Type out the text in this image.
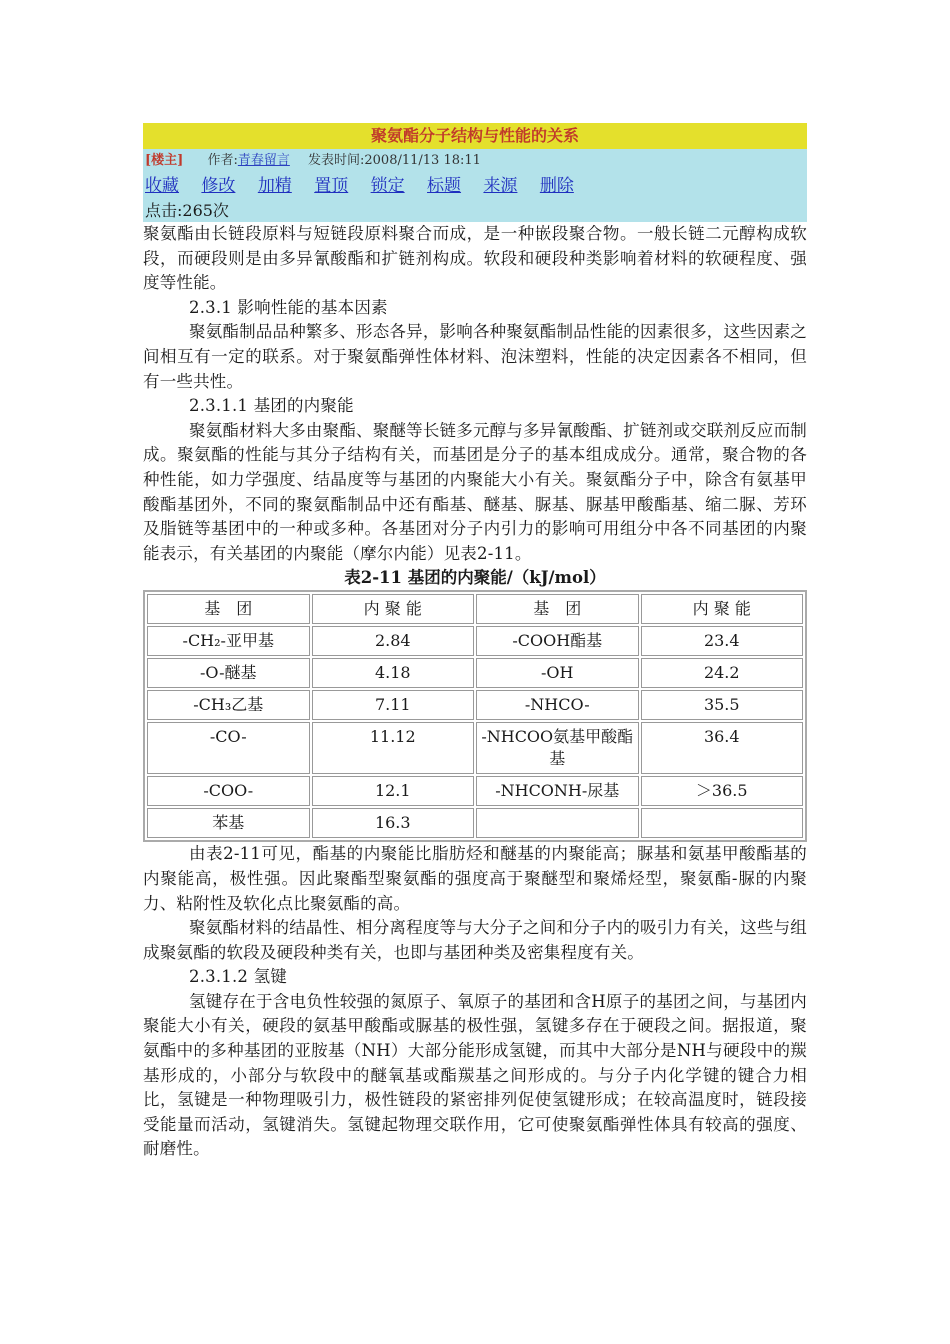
聚氨酯分子结构与性能的关系
[楼主] 作者:青春留言 发表时间:2008/11/13 18:11
收藏 修改 加精 置顶 锁定 标题 来源 删除
点击:265次

聚氨酯由长链段原料与短链段原料聚合而成，是一种嵌段聚合物。一般长链二元醇构成软段，而硬段则是由多异氰酸酯和扩链剂构成。软段和硬段种类影响着材料的软硬程度、强度等性能。

2.3.1 影响性能的基本因素

聚氨酯制品品种繁多、形态各异，影响各种聚氨酯制品性能的因素很多，这些因素之间相互有一定的联系。对于聚氨酯弹性体材料、泡沫塑料，性能的决定因素各不相同，但有一些共性。

2.3.1.1 基团的内聚能

聚氨酯材料大多由聚酯、聚醚等长链多元醇与多异氰酸酯、扩链剂或交联剂反应而制成。聚氨酯的性能与其分子结构有关，而基团是分子的基本组成成分。通常，聚合物的各种性能，如力学强度、结晶度等与基团的内聚能大小有关。聚氨酯分子中，除含有氨基甲酸酯基团外，不同的聚氨酯制品中还有酯基、醚基、脲基、脲基甲酸酯基、缩二脲、芳环及脂链等基团中的一种或多种。各基团对分子内引力的影响可用组分中各不同基团的内聚能表示，有关基团的内聚能（摩尔内能）见表2-11。

表2-11 基团的内聚能/（kJ/mol）

基　团	内 聚 能	基　团	内 聚 能
-CH₂-亚甲基	2.84	-COOH酯基	23.4
-O-醚基	4.18	-OH	24.2
-CH₃乙基	7.11	-NHCO-	35.5
-CO-	11.12	-NHCOO氨基甲酸酯基	36.4
-COO-	12.1	-NHCONH-尿基	＞36.5
苯基	16.3		

由表2-11可见，酯基的内聚能比脂肪烃和醚基的内聚能高；脲基和氨基甲酸酯基的内聚能高，极性强。因此聚酯型聚氨酯的强度高于聚醚型和聚烯烃型，聚氨酯-脲的内聚力、粘附性及软化点比聚氨酯的高。

聚氨酯材料的结晶性、相分离程度等与大分子之间和分子内的吸引力有关，这些与组成聚氨酯的软段及硬段种类有关，也即与基团种类及密集程度有关。

2.3.1.2 氢键

氢键存在于含电负性较强的氮原子、氧原子的基团和含H原子的基团之间，与基团内聚能大小有关，硬段的氨基甲酸酯或脲基的极性强，氢键多存在于硬段之间。据报道，聚氨酯中的多种基团的亚胺基（NH）大部分能形成氢键，而其中大部分是NH与硬段中的羰基形成的，小部分与软段中的醚氧基或酯羰基之间形成的。与分子内化学键的键合力相比，氢键是一种物理吸引力，极性链段的紧密排列促使氢键形成；在较高温度时，链段接受能量而活动，氢键消失。氢键起物理交联作用，它可使聚氨酯弹性体具有较高的强度、耐磨性。
